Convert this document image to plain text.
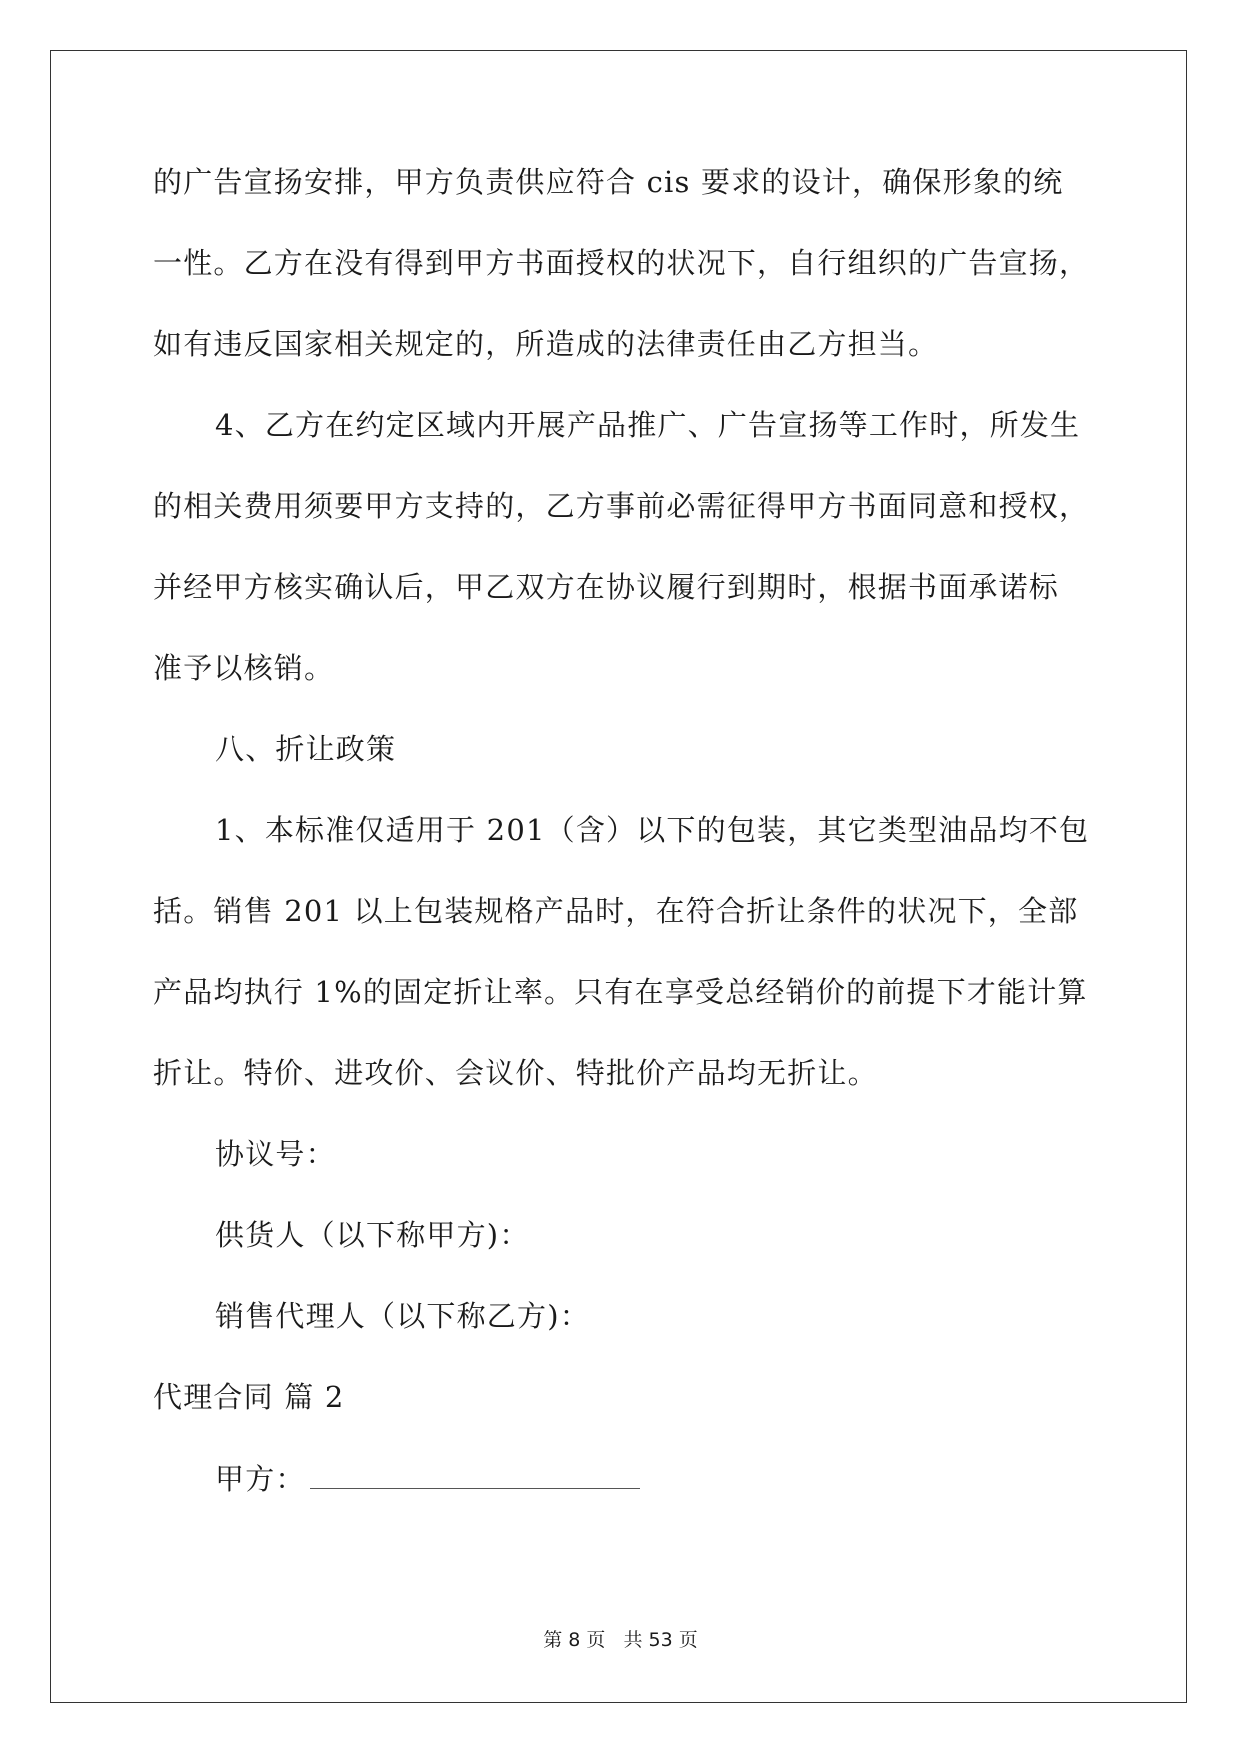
的广告宣扬安排，甲方负责供应符合 cis 要求的设计，确保形象的统
一性。乙方在没有得到甲方书面授权的状况下，自行组织的广告宣扬，
如有违反国家相关规定的，所造成的法律责任由乙方担当。
4、乙方在约定区域内开展产品推广、广告宣扬等工作时，所发生
的相关费用须要甲方支持的，乙方事前必需征得甲方书面同意和授权，
并经甲方核实确认后，甲乙双方在协议履行到期时，根据书面承诺标
准予以核销。
八、折让政策
1、本标准仅适用于 201（含）以下的包装，其它类型油品均不包
括。销售 201 以上包装规格产品时，在符合折让条件的状况下，全部
产品均执行 1%的固定折让率。只有在享受总经销价的前提下才能计算
折让。特价、进攻价、会议价、特批价产品均无折让。
协议号：
供货人（以下称甲方)：
销售代理人（以下称乙方)：
代理合同 篇 2
甲方：
第 8 页 共 53 页
